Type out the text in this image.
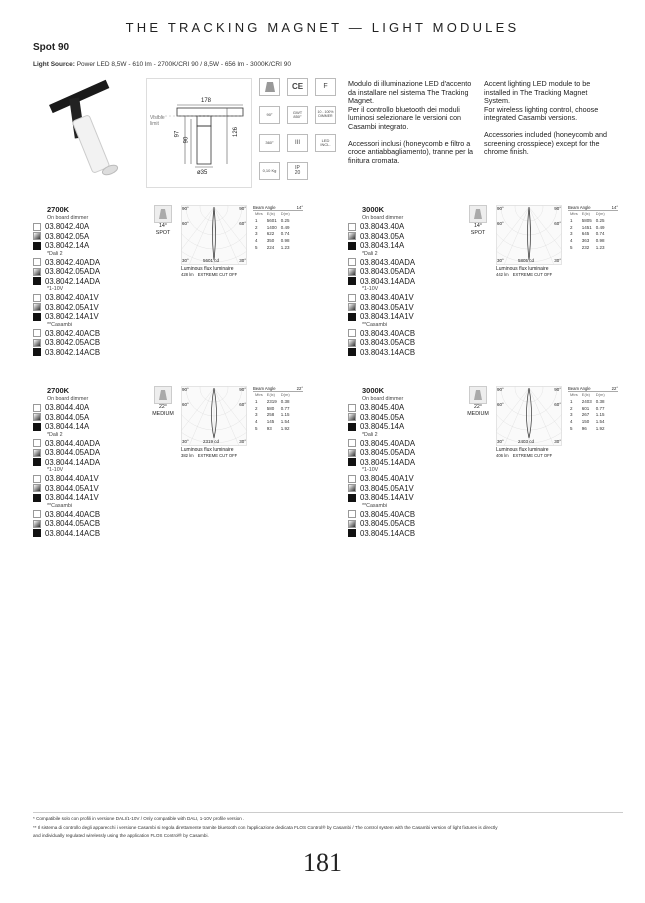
THE TRACKING MAGNET — LIGHT MODULES
Spot 90
Light Source: Power LED 8,5W - 610 lm - 2700K/CRI 90 / 8,5W - 656 lm - 3000K/CRI 90
Visible
limit
178
97
90
126
ø35
CE	F
90°	GWT
850°
10 - 100%
DIMMER
360°	III	LED INCL.
0,10 Kg	IP
20
Modulo di illuminazione LED d'accento da installare nel sistema The Tracking Magnet.
Per il controllo bluetooth dei moduli luminosi selezionare le versioni con Casambi integrato.
Accessori inclusi (honeycomb e filtro a croce antiabbagliamento), tranne per la finitura cromata.
Accent lighting LED module to be installed in The Tracking Magnet System.
For wireless lighting control, choose integrated Casambi versions.
Accessories included (honeycomb and screening crosspiece) except for the chrome finish.
2700K
On board dimmer
03.8042.40A
03.8042.05A
03.8042.14A
*Dali 2
03.8042.40ADA
03.8042.05ADA
03.8042.14ADA
*1-10V
03.8042.40A1V
03.8042.05A1V
03.8042.14A1V
**Casambi
03.8042.40ACB
03.8042.05ACB
03.8042.14ACB
14°
SPOT
90°	90°
60°	60°
30°	5601 cd	30°
Luminous flux luminaire
428 lm EXTREME CUT OFF
Beam Angle	14°
Mtrs	E(lx)	D(m)
1	5601	0.25
2	1400	0.49
3	622	0.74
4	350	0.98
5	224	1.23
3000K
On board dimmer
03.8043.40A
03.8043.05A
03.8043.14A
*Dali 2
03.8043.40ADA
03.8043.05ADA
03.8043.14ADA
*1-10V
03.8043.40A1V
03.8043.05A1V
03.8043.14A1V
**Casambi
03.8043.40ACB
03.8043.05ACB
03.8043.14ACB
14°
SPOT
90°	90°
60°	60°
30°	5805 cd	30°
Luminous flux luminaire
442 lm EXTREME CUT OFF
Beam Angle	14°
Mtrs	E(lx)	D(m)
1	5805	0.25
2	1451	0.49
3	645	0.74
4	363	0.98
5	232	1.23
2700K
On board dimmer
03.8044.40A
03.8044.05A
03.8044.14A
*Dali 2
03.8044.40ADA
03.8044.05ADA
03.8044.14ADA
*1-10V
03.8044.40A1V
03.8044.05A1V
03.8044.14A1V
**Casambi
03.8044.40ACB
03.8044.05ACB
03.8044.14ACB
22°
MEDIUM
90°	90°
60°	60°
30°	2319 cd	30°
Luminous flux luminaire
382 lm EXTREME CUT OFF
Beam Angle	22°
Mtrs	E(lx)	D(m)
1	2319	0.38
2	580	0.77
3	258	1.15
4	145	1.54
5	93	1.92
3000K
On board dimmer
03.8045.40A
03.8045.05A
03.8045.14A
*Dali 2
03.8045.40ADA
03.8045.05ADA
03.8045.14ADA
*1-10V
03.8045.40A1V
03.8045.05A1V
03.8045.14A1V
**Casambi
03.8045.40ACB
03.8045.05ACB
03.8045.14ACB
22°
MEDIUM
90°	90°
60°	60°
30°	2403 cd	30°
Luminous flux luminaire
406 lm EXTREME CUT OFF
Beam Angle	22°
Mtrs	E(lx)	D(m)
1	2403	0.38
2	601	0.77
3	267	1.15
4	150	1.54
5	96	1.92
* Compatibile solo con profili in versione DALI/1-10V / Only compatible with DALI, 1-10V profile version .
** Il sistema di controllo degli apparecchi i versione Casambi si regola direttamente tramite bluetooth con l'applicazione dedicata FLOS Control® by Casambi / The control system with the Casambi version of light fixtures is directly
and individually regulated wirelessly using the application FLOS Control® by Casambi.
181
